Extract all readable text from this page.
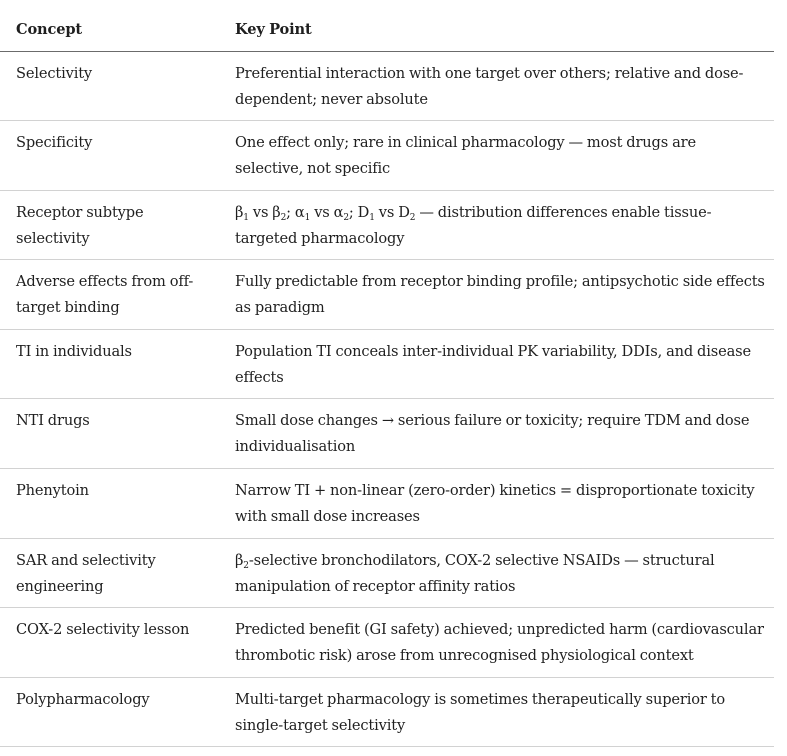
Concept	Key Point
Selectivity	Preferential interaction with one target over others; relative and dose-dependent; never absolute
Specificity	One effect only; rare in clinical pharmacology — most drugs are selective, not specific
Receptor subtype selectivity	$\beta_1$ vs $\beta_2$; $\alpha_1$ vs $\alpha_2$; $D_1$ vs $D_2$ — distribution differences enable tissue-targeted pharmacology
Adverse effects from off-target binding	Fully predictable from receptor binding profile; antipsychotic side effects as paradigm
TI in individuals	Population TI conceals inter-individual PK variability, DDIs, and disease effects
NTI drugs	Small dose changes → serious failure or toxicity; require TDM and dose individualisation
Phenytoin	Narrow TI + non-linear (zero-order) kinetics = disproportionate toxicity with small dose increases
SAR and selectivity engineering	$\beta_2$-selective bronchodilators, COX-2 selective NSAIDs — structural manipulation of receptor affinity ratios
COX-2 selectivity lesson	Predicted benefit (GI safety) achieved; unpredicted harm (cardiovascular thrombotic risk) arose from unrecognised physiological context
Polypharmacology	Multi-target pharmacology is sometimes therapeutically superior to single-target selectivity
